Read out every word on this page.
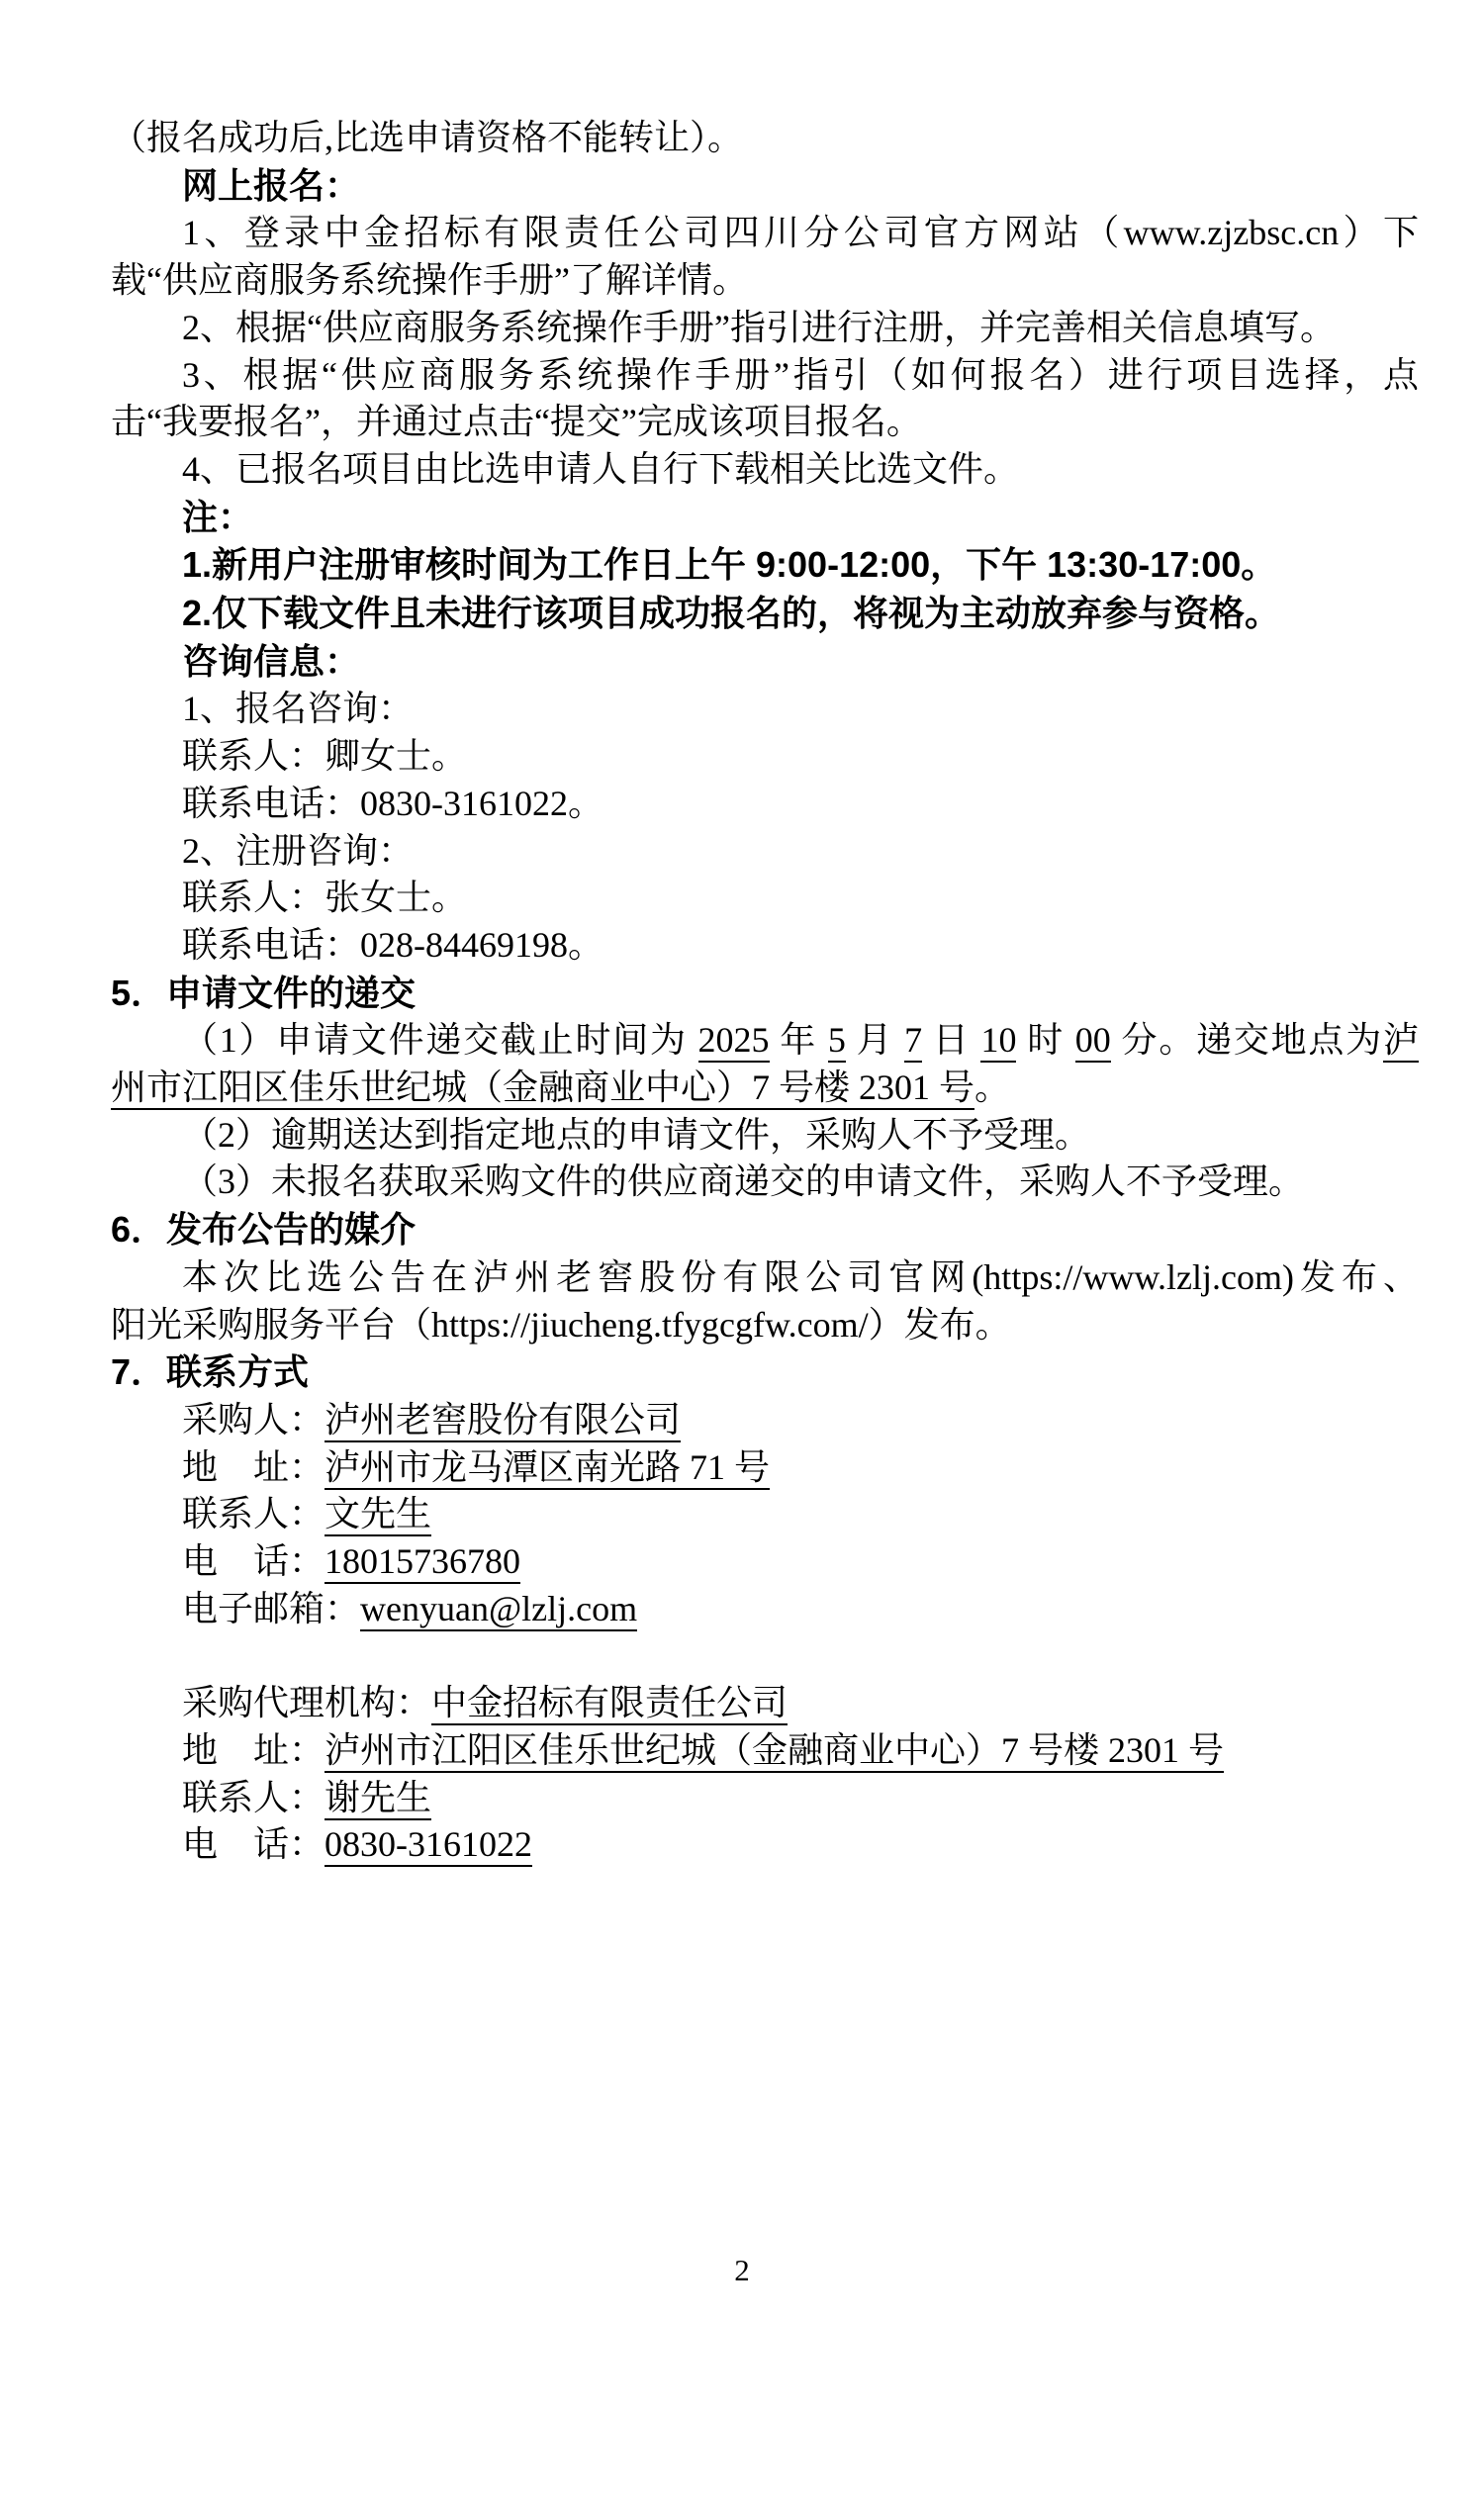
（报名成功后,比选申请资格不能转让）。
网上报名：
1、登录中金招标有限责任公司四川分公司官方网站（www.zjzbsc.cn）下
载“供应商服务系统操作手册”了解详情。
2、根据“供应商服务系统操作手册”指引进行注册，并完善相关信息填写。
3、根据“供应商服务系统操作手册”指引（如何报名）进行项目选择，点
击“我要报名”，并通过点击“提交”完成该项目报名。
4、已报名项目由比选申请人自行下载相关比选文件。
注：
1.新用户注册审核时间为工作日上午 9:00-12:00，下午 13:30-17:00。
2.仅下载文件且未进行该项目成功报名的，将视为主动放弃参与资格。
咨询信息：
1、报名咨询：
联系人：卿女士。
联系电话：0830-3161022。
2、注册咨询：
联系人：张女士。
联系电话：028-84469198。
5．申请文件的递交
（1）申请文件递交截止时间为 2025 年 5 月 7 日 10 时 00 分。递交地点为泸
州市江阳区佳乐世纪城（金融商业中心）7 号楼 2301 号。
（2）逾期送达到指定地点的申请文件，采购人不予受理。
（3）未报名获取采购文件的供应商递交的申请文件，采购人不予受理。
6．发布公告的媒介
本次比选公告在泸州老窖股份有限公司官网(https://www.lzlj.com)发布、
阳光采购服务平台（https://jiucheng.tfygcgfw.com/）发布。
7．联系方式
采购人：泸州老窖股份有限公司
地　址：泸州市龙马潭区南光路 71 号
联系人：文先生
电　话：18015736780
电子邮箱：wenyuan@lzlj.com
采购代理机构：中金招标有限责任公司
地　址：泸州市江阳区佳乐世纪城（金融商业中心）7 号楼 2301 号
联系人：谢先生
电　话：0830-3161022
2
